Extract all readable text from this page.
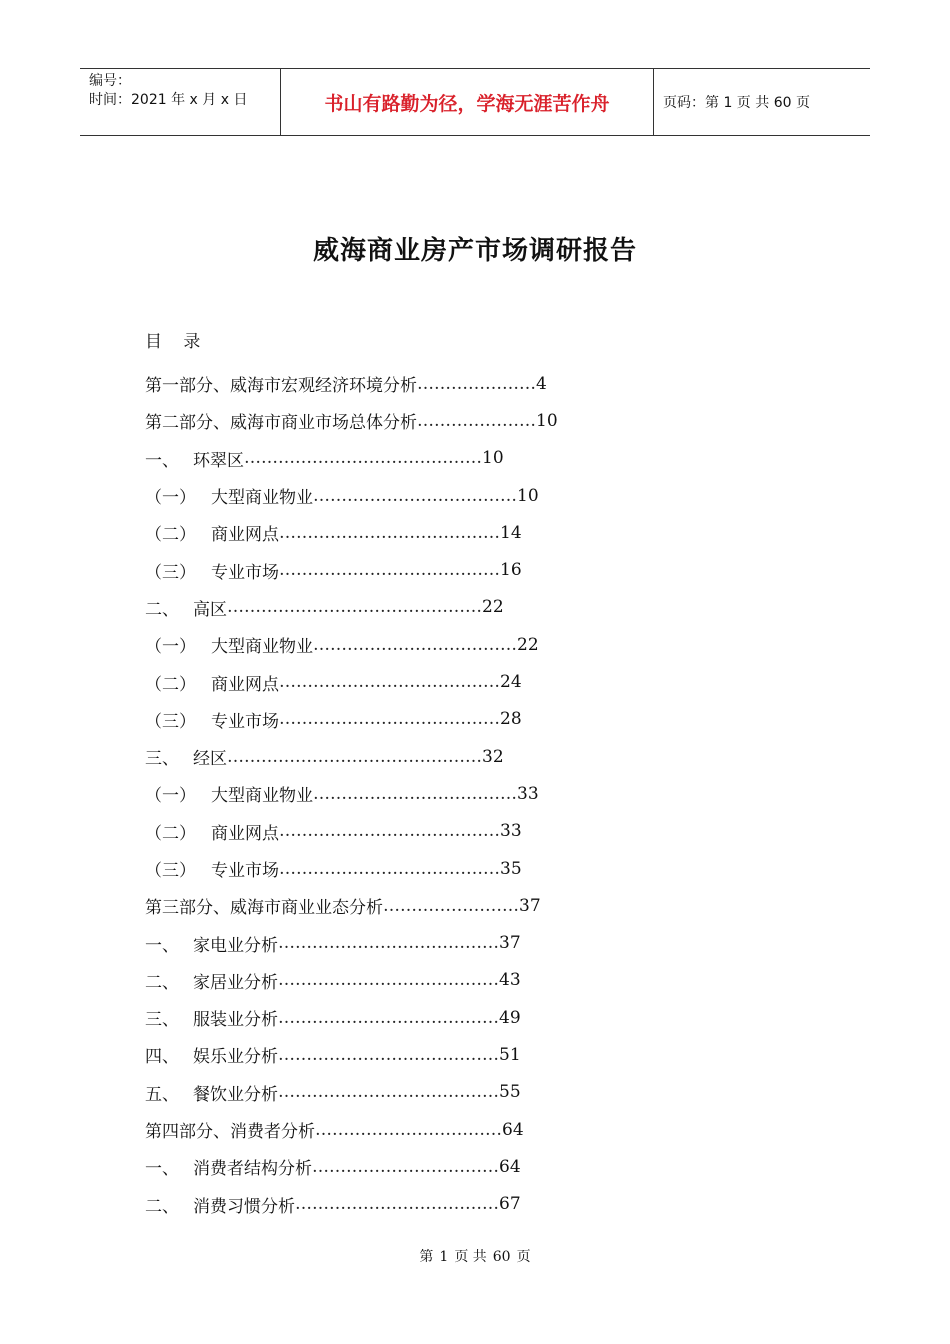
编号：
时间：2021 年 x 月 x 日	书山有路勤为径，学海无涯苦作舟	页码：第 1 页 共 60 页
威海商业房产市场调研报告
目 录
第一部分、威海市宏观经济环境分析 ………………… 4
第二部分、威海市商业市场总体分析 ………………… 10
一、 环翠区 …………………………………… 10
（一） 大型商业物业 ……………………………… 10
（二） 商业网点 ………………………………… 14
（三） 专业市场 ………………………………… 16
二、 高区 ……………………………………… 22
（一） 大型商业物业 ……………………………… 22
（二） 商业网点 ………………………………… 24
（三） 专业市场 ………………………………… 28
三、 经区 ……………………………………… 32
（一） 大型商业物业 ……………………………… 33
（二） 商业网点 ………………………………… 33
（三） 专业市场 ………………………………… 35
第三部分、威海市商业业态分析 …………………… 37
一、 家电业分析 ………………………………… 37
二、 家居业分析 ………………………………… 43
三、 服装业分析 ………………………………… 49
四、 娱乐业分析 ………………………………… 51
五、 餐饮业分析 ………………………………… 55
第四部分、消费者分析 …………………………… 64
一、 消费者结构分析 …………………………… 64
二、 消费习惯分析 ……………………………… 67
第 1 页 共 60 页
